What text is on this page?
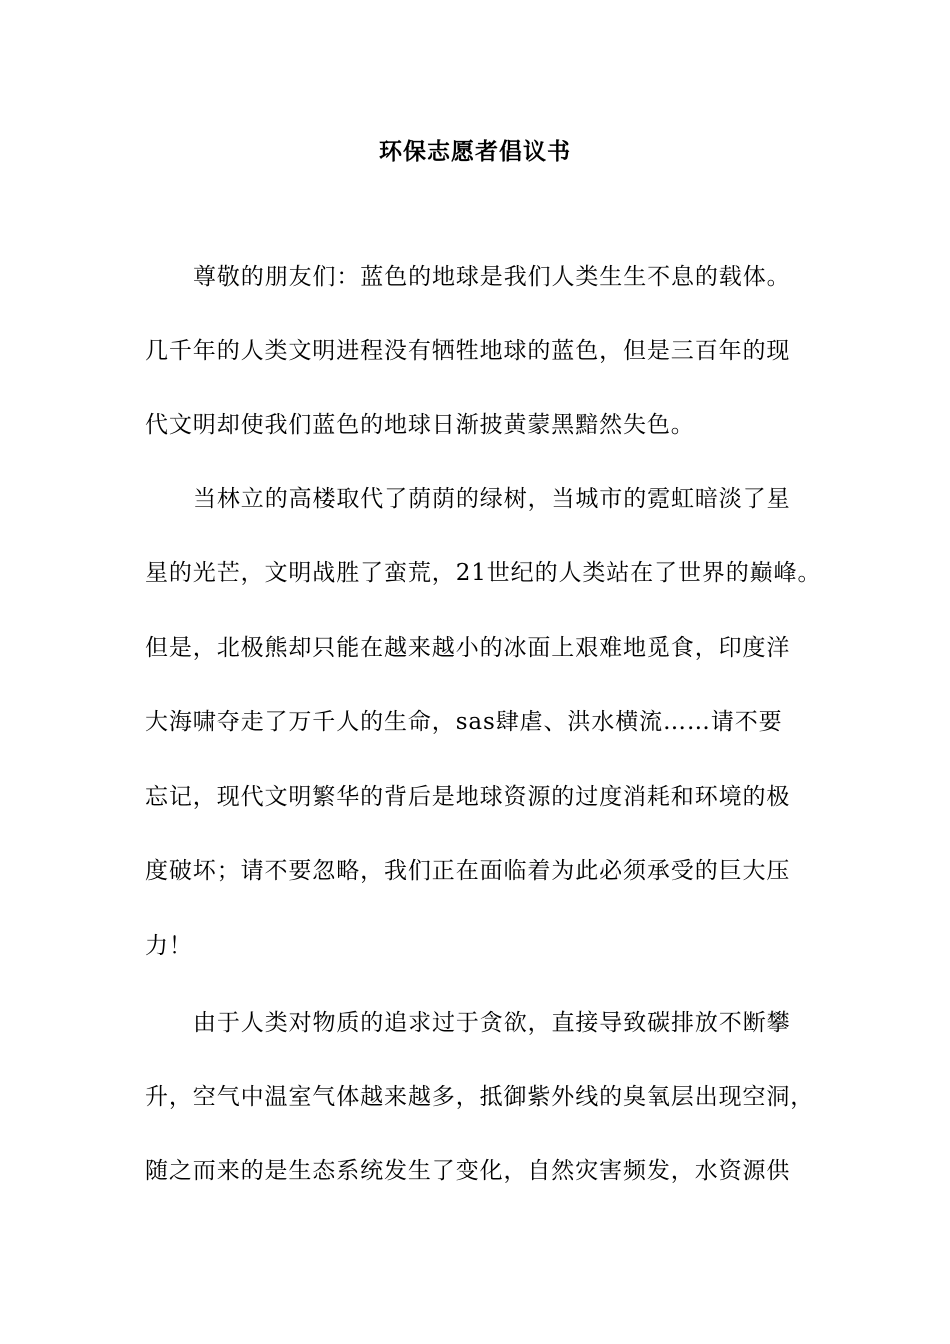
环保志愿者倡议书
尊敬的朋友们：蓝色的地球是我们人类生生不息的载体。
几千年的人类文明进程没有牺牲地球的蓝色，但是三百年的现
代文明却使我们蓝色的地球日渐披黄蒙黑黯然失色。
当林立的高楼取代了荫荫的绿树，当城市的霓虹暗淡了星
星的光芒，文明战胜了蛮荒，21世纪的人类站在了世界的巅峰。
但是，北极熊却只能在越来越小的冰面上艰难地觅食，印度洋
大海啸夺走了万千人的生命，sas肆虐、洪水横流……请不要
忘记，现代文明繁华的背后是地球资源的过度消耗和环境的极
度破坏；请不要忽略，我们正在面临着为此必须承受的巨大压
力！
由于人类对物质的追求过于贪欲，直接导致碳排放不断攀
升，空气中温室气体越来越多，抵御紫外线的臭氧层出现空洞，
随之而来的是生态系统发生了变化，自然灾害频发，水资源供
